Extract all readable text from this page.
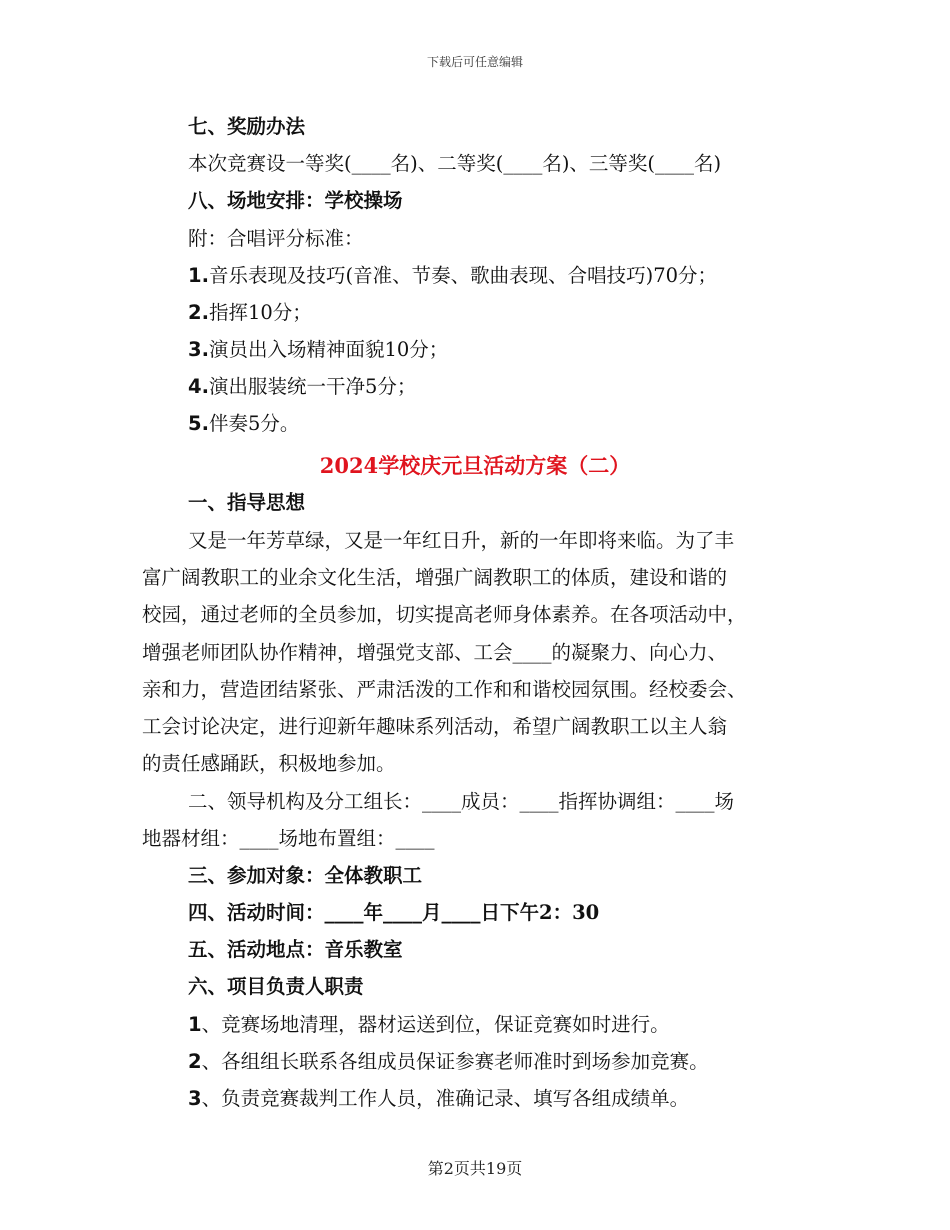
下载后可任意编辑
七、奖励办法
本次竞赛设一等奖(____名)、二等奖(____名)、三等奖(____名)
八、场地安排：学校操场
附：合唱评分标准：
1.音乐表现及技巧(音准、节奏、歌曲表现、合唱技巧)70分；
2.指挥10分；
3.演员出入场精神面貌10分；
4.演出服装统一干净5分；
5.伴奏5分。
2024学校庆元旦活动方案（二）
一、指导思想
又是一年芳草绿，又是一年红日升，新的一年即将来临。为了丰
富广阔教职工的业余文化生活，增强广阔教职工的体质，建设和谐的
校园，通过老师的全员参加，切实提高老师身体素养。在各项活动中，
增强老师团队协作精神，增强党支部、工会____的凝聚力、向心力、
亲和力，营造团结紧张、严肃活泼的工作和和谐校园氛围。经校委会、
工会讨论决定，进行迎新年趣味系列活动，希望广阔教职工以主人翁
的责任感踊跃，积极地参加。
二、领导机构及分工组长：____成员：____指挥协调组：____场
地器材组：____场地布置组：____
三、参加对象：全体教职工
四、活动时间：____年____月____日下午2：30
五、活动地点：音乐教室
六、项目负责人职责
1、竞赛场地清理，器材运送到位，保证竞赛如时进行。
2、各组组长联系各组成员保证参赛老师准时到场参加竞赛。
3、负责竞赛裁判工作人员，准确记录、填写各组成绩单。
第2页共19页
